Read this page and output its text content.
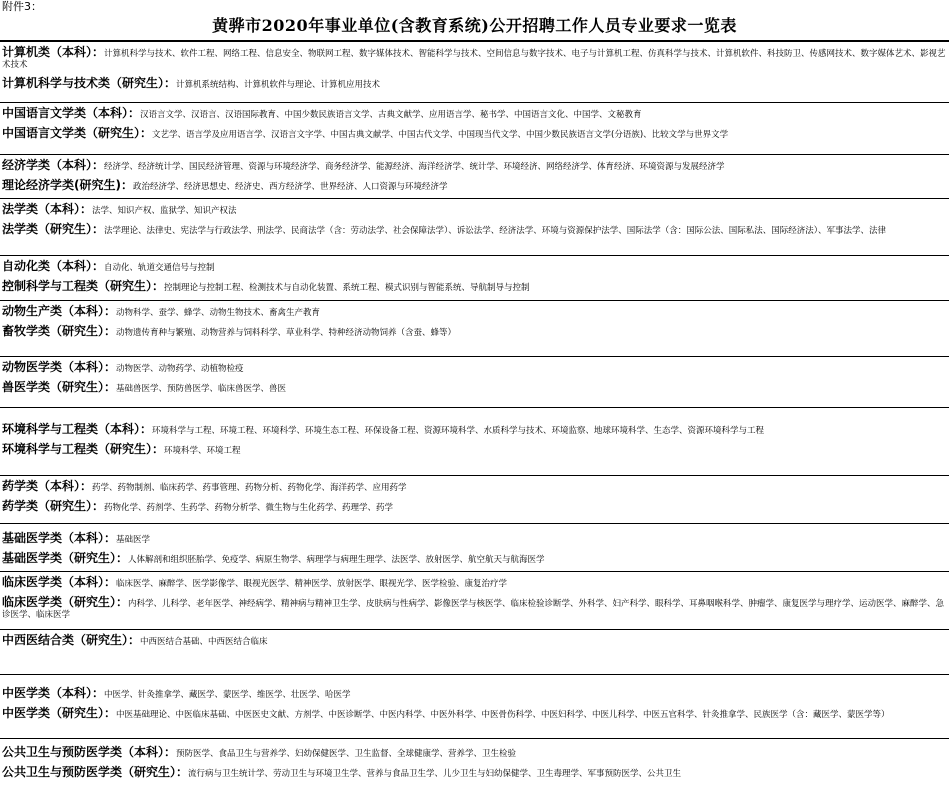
附件3：
黄骅市2020年事业单位(含教育系统)公开招聘工作人员专业要求一览表
计算机类（本科）：计算机科学与技术、软件工程、网络工程、信息安全、物联网工程、数字媒体技术、智能科学与技术、空间信息与数字技术、电子与计算机工程、仿真科学与技术、计算机软件、科技防卫、传感网技术、数字媒体艺术、影视艺术技术
计算机科学与技术类（研究生）：计算机系统结构、计算机软件与理论、计算机应用技术
中国语言文学类（本科）：汉语言文学、汉语言、汉语国际教育、中国少数民族语言文学、古典文献学、应用语言学、秘书学、中国语言文化、中国学、文秘教育
中国语言文学类（研究生）：文艺学、语言学及应用语言学、汉语言文字学、中国古典文献学、中国古代文学、中国现当代文学、中国少数民族语言文学(分语族)、比较文学与世界文学
经济学类（本科）：经济学、经济统计学、国民经济管理、资源与环境经济学、商务经济学、能源经济、海洋经济学、统计学、环境经济、网络经济学、体育经济、环境资源与发展经济学
理论经济学类(研究生)：政治经济学、经济思想史、经济史、西方经济学、世界经济、人口资源与环境经济学
法学类（本科）：法学、知识产权、监狱学、知识产权法
法学类（研究生）：法学理论、法律史、宪法学与行政法学、刑法学、民商法学（含：劳动法学、社会保障法学）、诉讼法学、经济法学、环境与资源保护法学、国际法学（含：国际公法、国际私法、国际经济法）、军事法学、法律
自动化类（本科）：自动化、轨道交通信号与控制
控制科学与工程类（研究生）：控制理论与控制工程、检测技术与自动化装置、系统工程、模式识别与智能系统、导航制导与控制
动物生产类（本科）：动物科学、蚕学、蜂学、动物生物技术、畜禽生产教育
畜牧学类（研究生）：动物遗传育种与繁殖、动物营养与饲料科学、草业科学、特种经济动物饲养（含蚕、蜂等）
动物医学类（本科）：动物医学、动物药学、动植物检疫
兽医学类（研究生）：基础兽医学、预防兽医学、临床兽医学、兽医
环境科学与工程类（本科）：环境科学与工程、环境工程、环境科学、环境生态工程、环保设备工程、资源环境科学、水质科学与技术、环境监察、地球环境科学、生态学、资源环境科学与工程
环境科学与工程类（研究生）：环境科学、环境工程
药学类（本科）：药学、药物制剂、临床药学、药事管理、药物分析、药物化学、海洋药学、应用药学
药学类（研究生）：药物化学、药剂学、生药学、药物分析学、微生物与生化药学、药理学、药学
基础医学类（本科）：基础医学
基础医学类（研究生）：人体解剖和组织胚胎学、免疫学、病原生物学、病理学与病理生理学、法医学、放射医学、航空航天与航海医学
临床医学类（本科）：临床医学、麻醉学、医学影像学、眼视光医学、精神医学、放射医学、眼视光学、医学检验、康复治疗学
临床医学类（研究生）：内科学、儿科学、老年医学、神经病学、精神病与精神卫生学、皮肤病与性病学、影像医学与核医学、临床检验诊断学、外科学、妇产科学、眼科学、耳鼻咽喉科学、肿瘤学、康复医学与理疗学、运动医学、麻醉学、急诊医学、临床医学
中西医结合类（研究生）：中西医结合基础、中西医结合临床
中医学类（本科）：中医学、针灸推拿学、藏医学、蒙医学、维医学、壮医学、哈医学
中医学类（研究生）：中医基础理论、中医临床基础、中医医史文献、方剂学、中医诊断学、中医内科学、中医外科学、中医骨伤科学、中医妇科学、中医儿科学、中医五官科学、针灸推拿学、民族医学（含：藏医学、蒙医学等）
公共卫生与预防医学类（本科）：预防医学、食品卫生与营养学、妇幼保健医学、卫生监督、全球健康学、营养学、卫生检验
公共卫生与预防医学类（研究生）：流行病与卫生统计学、劳动卫生与环境卫生学、营养与食品卫生学、儿少卫生与妇幼保健学、卫生毒理学、军事预防医学、公共卫生
